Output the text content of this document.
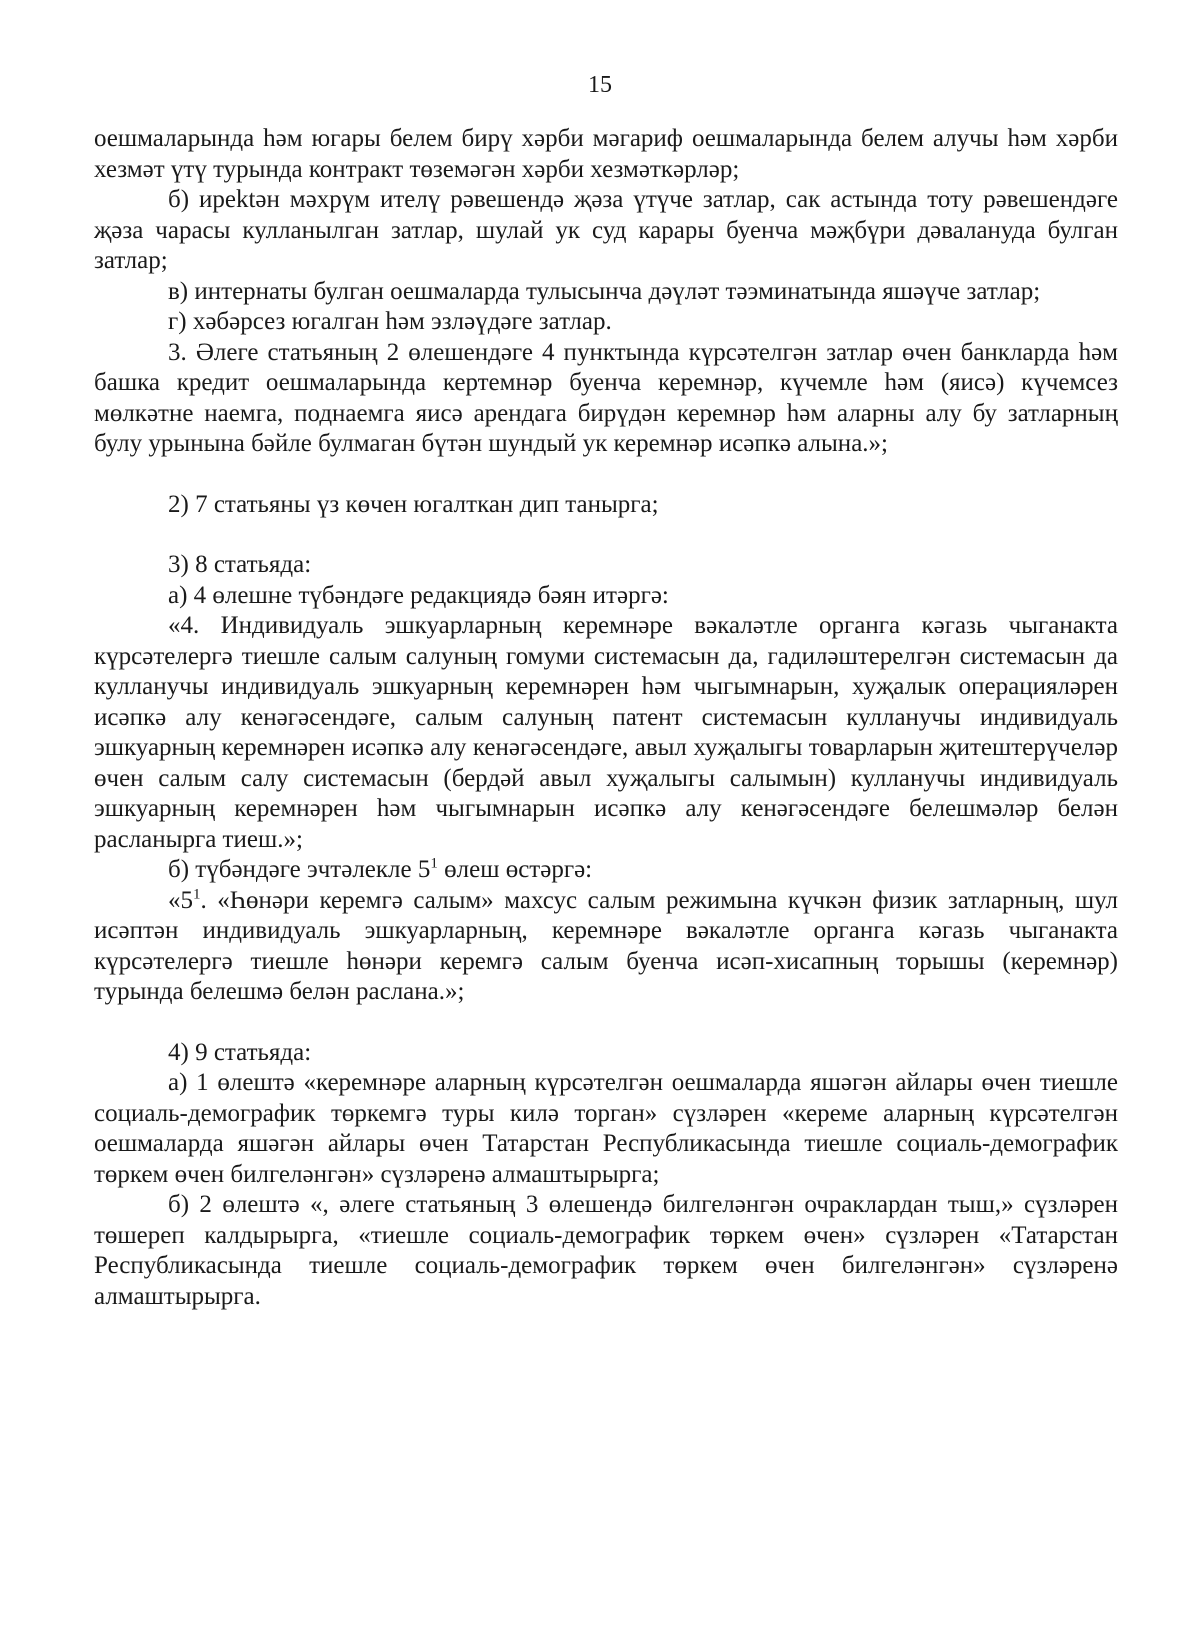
15

оешмаларында һәм югары белем бирү хәрби мәгариф оешмаларында белем алучы һәм хәрби хезмәт үтү турында контракт төземәгән хәрби хезмәткәрләр;

б) ирektән мәхрүм ителү рәвешендә җәза үтүче затлар, сак астында тоту рәвешендәге җәза чарасы кулланылган затлар, шулай ук суд карары буенча мәҗбүри дәваланудa булган затлар;

в) интернаты булган оешмаларда тулысынча дәүләт тәэминатында яшәүче затлар;

г) хәбәрсез югалган һәм эзләүдәге затлар.

3. Әлеге статьяның 2 өлешендәге 4 пунктында күрсәтелгән затлар өчен банкларда һәм башка кредит оешмаларында кертемнәр буенча керемнәр, күчемле һәм (яисә) күчемсез мөлкәтне наемга, поднаемга яисә арендага бирүдән керемнәр һәм аларны алу бу затларның булу урынына бәйле булмаган бүтән шундый ук керемнәр исәпкә алына.»;

2) 7 статьяны үз көчен югалткан дип танырга;

3) 8 статьяда:

а) 4 өлешне түбәндәге редакциядә бәян итәргә:

«4. Индивидуаль эшкуарларның керемнәре вәкаләтле органга кәгазь чыганакта күрсәтелергә тиешле салым салуның гомуми системасын да, гадиләштерелгән системасын да кулланучы индивидуаль эшкуарның керемнәрен һәм чыгымнарын, хуҗалык операцияләрен исәпкә алу кенәгәсендәге, салым салуның патент системасын кулланучы индивидуаль эшкуарның керемнәрен исәпкә алу кенәгәсендәге, авыл хуҗалыгы товарларын җитештерүчеләр өчен салым салу системасын (бердәй авыл хуҗалыгы салымын) кулланучы индивидуаль эшкуарның керемнәрен һәм чыгымнарын исәпкә алу кенәгәсендәге белешмәләр белән расланырга тиеш.»;

б) түбәндәге эчтәлекле $5^1$ өлеш өстәргә:

«$5^1$. «Һөнәри керемгә салым» махсус салым режимына күчкән физик затларның, шул исәптән индивидуаль эшкуарларның, керемнәре вәкаләтле органга кәгазь чыганакта күрсәтелергә тиешле һөнәри керемгә салым буенча исәп-хисапның торышы (керемнәр) турында белешмә белән раслана.»;

4) 9 статьяда:

а) 1 өлештә «керемнәре аларның күрсәтелгән оешмаларда яшәгән айлары өчен тиешле социаль-демографик төркемгә туры килә торган» сүзләрен «кереме аларның күрсәтелгән оешмаларда яшәгән айлары өчен Татарстан Республикасында тиешле социаль-демографик төркем өчен билгеләнгән» сүзләренә алмаштырырга;

б) 2 өлештә «, әлеге статьяның 3 өлешендә билгеләнгән очраклардан тыш,» сүзләрен төшереп калдырырга, «тиешле социаль-демографик төркем өчен» сүзләрен «Татарстан Республикасында тиешле социаль-демографик төркем өчен билгеләнгән» сүзләренә алмаштырырга.
